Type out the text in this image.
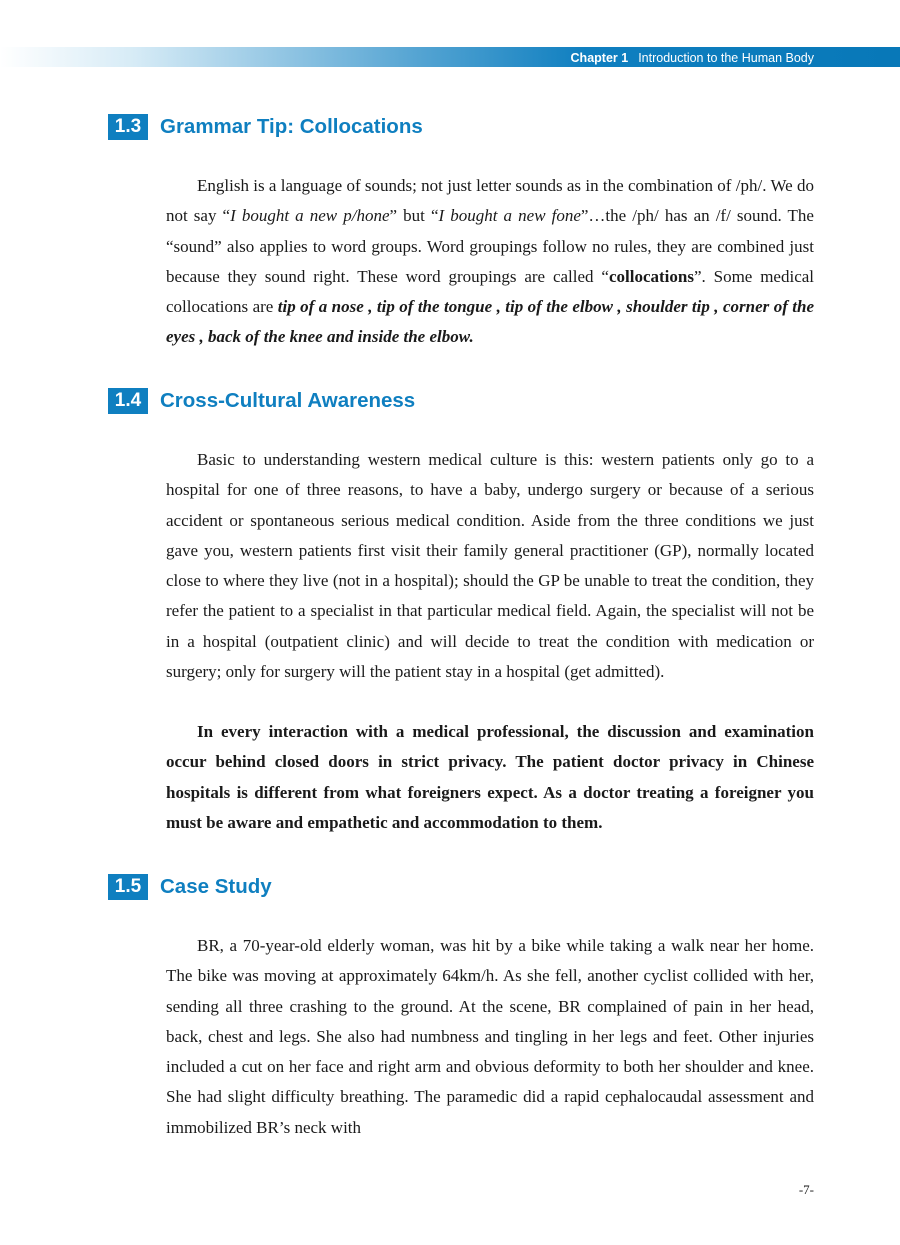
Chapter 1 Introduction to the Human Body
1.3 Grammar Tip: Collocations

English is a language of sounds; not just letter sounds as in the combination of /ph/. We do not say “I bought a new p/hone” but “I bought a new fone”…the /ph/ has an /f/ sound. The “sound” also applies to word groups. Word groupings follow no rules, they are combined just because they sound right. These word groupings are called “collocations”. Some medical collocations are tip of a nose , tip of the tongue , tip of the elbow , shoulder tip , corner of the eyes , back of the knee and inside the elbow.

1.4 Cross-Cultural Awareness

Basic to understanding western medical culture is this: western patients only go to a hospital for one of three reasons, to have a baby, undergo surgery or because of a serious accident or spontaneous serious medical condition. Aside from the three conditions we just gave you, western patients first visit their family general practitioner (GP), normally located close to where they live (not in a hospital); should the GP be unable to treat the condition, they refer the patient to a specialist in that particular medical field. Again, the specialist will not be in a hospital (outpatient clinic) and will decide to treat the condition with medication or surgery; only for surgery will the patient stay in a hospital (get admitted).

In every interaction with a medical professional, the discussion and examination occur behind closed doors in strict privacy. The patient doctor privacy in Chinese hospitals is different from what foreigners expect. As a doctor treating a foreigner you must be aware and empathetic and accommodation to them.

1.5 Case Study

BR, a 70-year-old elderly woman, was hit by a bike while taking a walk near her home. The bike was moving at approximately 64km/h. As she fell, another cyclist collided with her, sending all three crashing to the ground. At the scene, BR complained of pain in her head, back, chest and legs. She also had numbness and tingling in her legs and feet. Other injuries included a cut on her face and right arm and obvious deformity to both her shoulder and knee. She had slight difficulty breathing. The paramedic did a rapid cephalocaudal assessment and immobilized BR’s neck with

-7-
